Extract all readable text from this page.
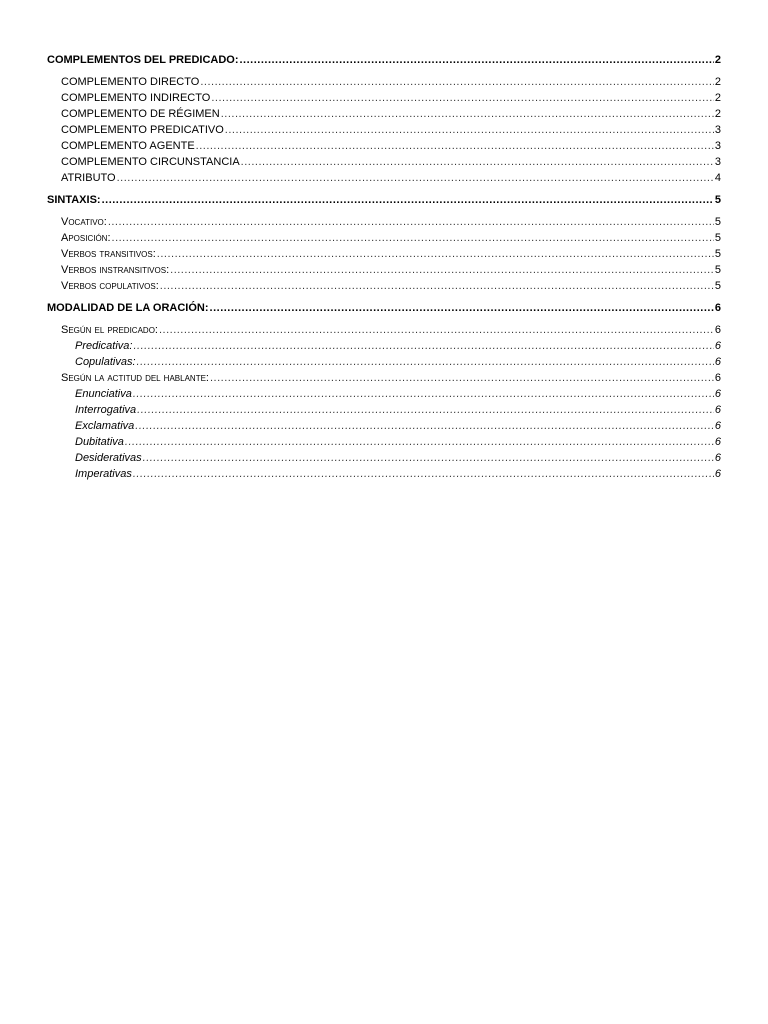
COMPLEMENTOS DEL PREDICADO: .....	2
COMPLEMENTO DIRECTO .....	2
COMPLEMENTO INDIRECTO .....	2
COMPLEMENTO DE RÉGIMEN .....	2
COMPLEMENTO PREDICATIVO .....	3
COMPLEMENTO AGENTE .....	3
COMPLEMENTO CIRCUNSTANCIA .....	3
ATRIBUTO .....	4
SINTAXIS: .....	5
Vocativo: .....	5
Aposición: .....	5
Verbos transitivos: .....	5
Verbos instransitivos: .....	5
Verbos copulativos: .....	5
MODALIDAD DE LA ORACIÓN: .....	6
Según el predicado: .....	6
Predicativa: .....	6
Copulativas: .....	6
Según la actitud del hablante: .....	6
Enunciativa .....	6
Interrogativa .....	6
Exclamativa .....	6
Dubitativa .....	6
Desiderativas .....	6
Imperativas .....	6
